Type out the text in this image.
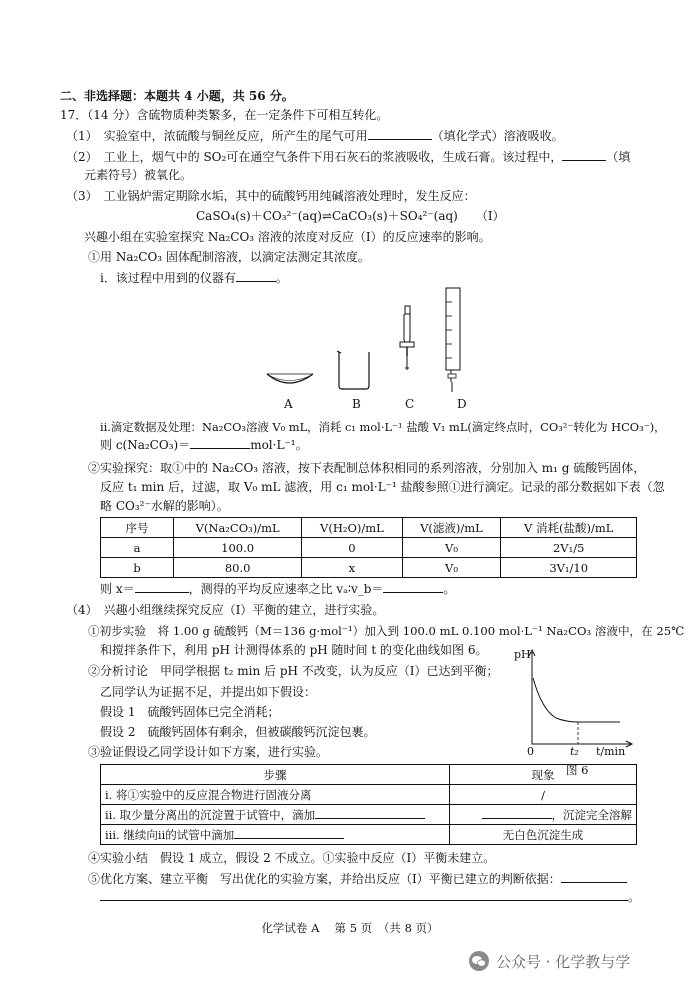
二、非选择题：本题共 4 小题，共 56 分。
17．（14 分）含硫物质种类繁多，在一定条件下可相互转化。
（1）　实验室中，浓硫酸与铜丝反应，所产生的尾气可用	（填化学式）溶液吸收。
（2）　工业上，烟气中的 SO₂可在通空气条件下用石灰石的浆液吸收，生成石膏。该过程中，	（填
元素符号）被氧化。
（3）　工业锅炉需定期除水垢，其中的硫酸钙用纯碱溶液处理时，发生反应：
CaSO₄(s)＋CO₃²⁻(aq)⇌CaCO₃(s)＋SO₄²⁻(aq)　　（Ⅰ）
兴趣小组在实验室探究 Na₂CO₃ 溶液的浓度对反应（Ⅰ）的反应速率的影响。
①用 Na₂CO₃ 固体配制溶液，以滴定法测定其浓度。
ⅰ．该过程中用到的仪器有	。
A	B	C	D
ⅱ.滴定数据及处理：Na₂CO₃溶液 V₀ mL，消耗 c₁ mol·L⁻¹ 盐酸 V₁ mL(滴定终点时，CO₃²⁻转化为 HCO₃⁻)，
则 c(Na₂CO₃)＝	mol·L⁻¹。
②实验探究：取①中的 Na₂CO₃ 溶液，按下表配制总体积相同的系列溶液，分别加入 m₁ g 硫酸钙固体，
反应 t₁ min 后，过滤，取 V₀ mL 滤液，用 c₁ mol·L⁻¹ 盐酸参照①进行滴定。记录的部分数据如下表（忽
略 CO₃²⁻水解的影响）。
序号	V(Na₂CO₃)/mL	V(H₂O)/mL	V(滤液)/mL	V 消耗(盐酸)/mL
a	100.0	0	V₀	2V₁/5
b	80.0	x	V₀	3V₁/10
则 x＝	，测得的平均反应速率之比 vₐ∶v_b＝	。
（4）　兴趣小组继续探究反应（Ⅰ）平衡的建立，进行实验。
①初步实验　将 1.00 g 硫酸钙（M＝136 g·mol⁻¹）加入到 100.0 mL 0.100 mol·L⁻¹ Na₂CO₃ 溶液中，在 25℃
和搅拌条件下，利用 pH 计测得体系的 pH 随时间 t 的变化曲线如图 6。
②分析讨论　甲同学根据 t₂ min 后 pH 不改变，认为反应（Ⅰ）已达到平衡；
乙同学认为证据不足，并提出如下假设：
假设 1　硫酸钙固体已完全消耗；
假设 2　硫酸钙固体有剩余，但被碳酸钙沉淀包裹。
③验证假设乙同学设计如下方案，进行实验。
pH
0	t₂ t/min
图 6
步骤	现象
ⅰ. 将①实验中的反应混合物进行固液分离	/
ⅱ. 取少量分离出的沉淀置于试管中，滴加	，沉淀完全溶解
ⅲ. 继续向ⅱ的试管中滴加	无白色沉淀生成
④实验小结　假设 1 成立，假设 2 不成立。①实验中反应（Ⅰ）平衡未建立。
⑤优化方案、建立平衡　写出优化的实验方案，并给出反应（Ⅰ）平衡已建立的判断依据：
。
化学试卷 A　 第 5 页　（共 8 页）
公众号 · 化学教与学
